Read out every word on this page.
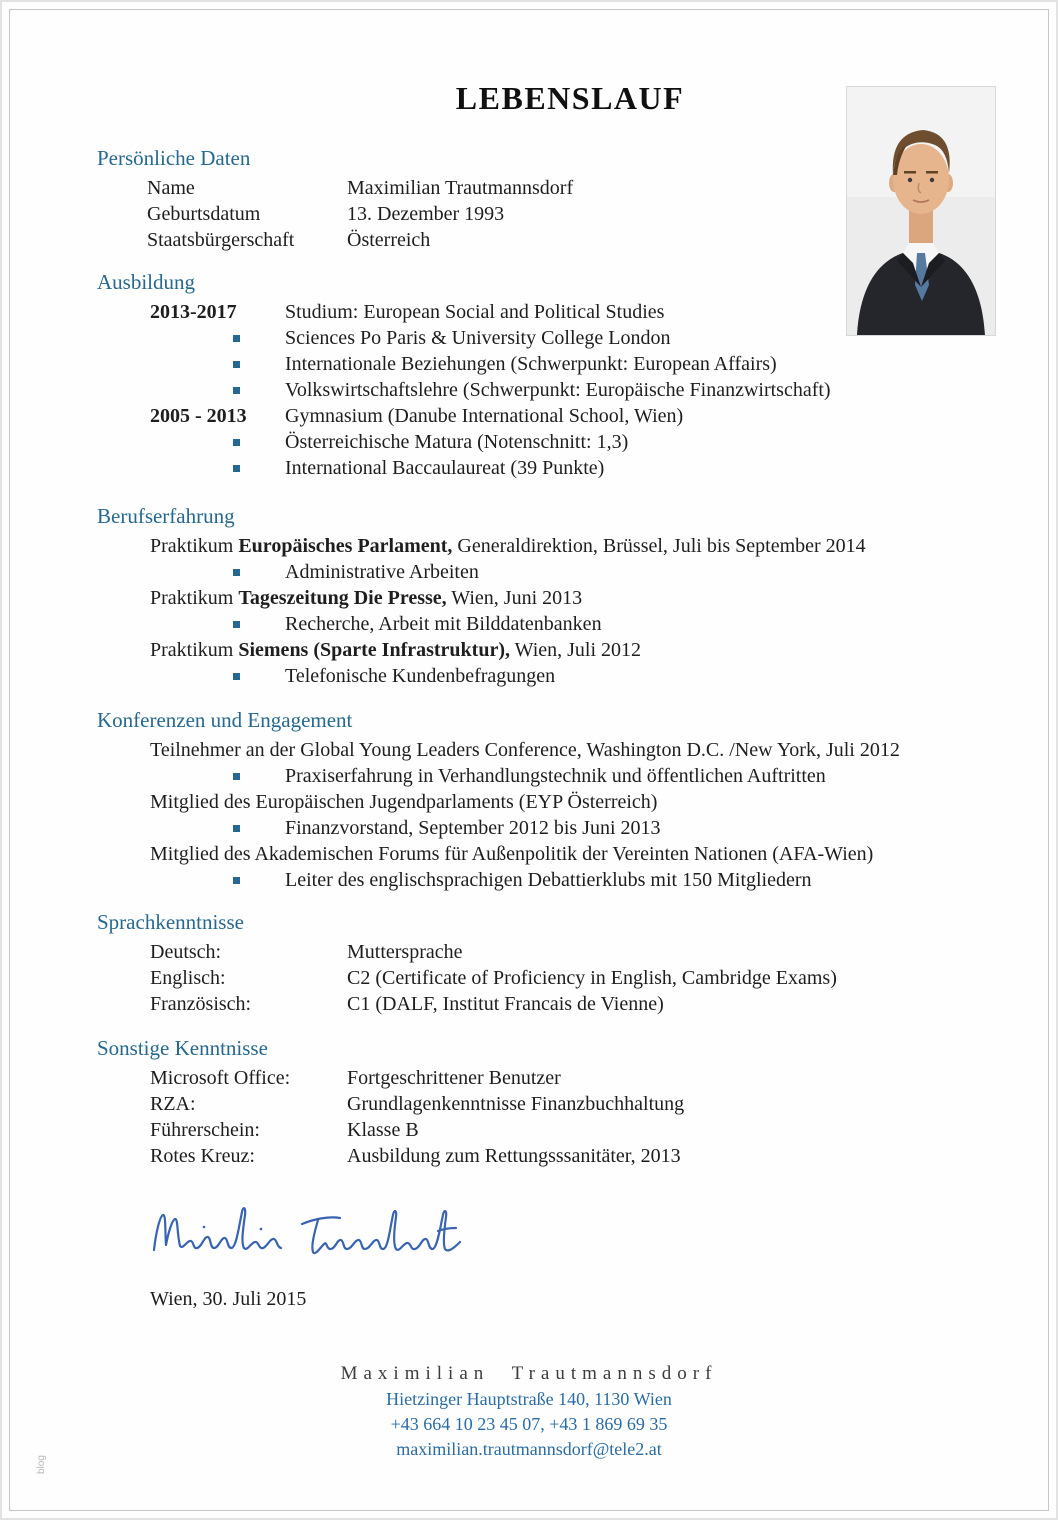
LEBENSLAUF
Persönliche Daten
Name	Maximilian Trautmannsdorf
Geburtsdatum	13. Dezember 1993
Staatsbürgerschaft	Österreich
Ausbildung
2013-2017 Studium: European Social and Political Studies
Sciences Po Paris & University College London
Internationale Beziehungen (Schwerpunkt: European Affairs)
Volkswirtschaftslehre (Schwerpunkt: Europäische Finanzwirtschaft)
2005 - 2013 Gymnasium (Danube International School, Wien)
Österreichische Matura (Notenschnitt: 1,3)
International Baccaulaureat (39 Punkte)
Berufserfahrung
Praktikum Europäisches Parlament, Generaldirektion, Brüssel, Juli bis September 2014
Administrative Arbeiten
Praktikum Tageszeitung Die Presse, Wien, Juni 2013
Recherche, Arbeit mit Bilddatenbanken
Praktikum Siemens (Sparte Infrastruktur), Wien, Juli 2012
Telefonische Kundenbefragungen
Konferenzen und Engagement
Teilnehmer an der Global Young Leaders Conference, Washington D.C. /New York, Juli 2012
Praxiserfahrung in Verhandlungstechnik und öffentlichen Auftritten
Mitglied des Europäischen Jugendparlaments (EYP Österreich)
Finanzvorstand, September 2012 bis Juni 2013
Mitglied des Akademischen Forums für Außenpolitik der Vereinten Nationen (AFA-Wien)
Leiter des englischsprachigen Debattierklubs mit 150 Mitgliedern
Sprachkenntnisse
Deutsch:	Muttersprache
Englisch:	C2 (Certificate of Proficiency in English, Cambridge Exams)
Französisch:	C1 (DALF, Institut Francais de Vienne)
Sonstige Kenntnisse
Microsoft Office:	Fortgeschrittener Benutzer
RZA:	Grundlagenkenntnisse Finanzbuchhaltung
Führerschein:	Klasse B
Rotes Kreuz:	Ausbildung zum Rettungsssanitäter, 2013
Wien, 30. Juli 2015
Maximilian Trautmannsdorf
Hietzinger Hauptstraße 140, 1130 Wien
+43 664 10 23 45 07, +43 1 869 69 35
maximilian.trautmannsdorf@tele2.at
blog
